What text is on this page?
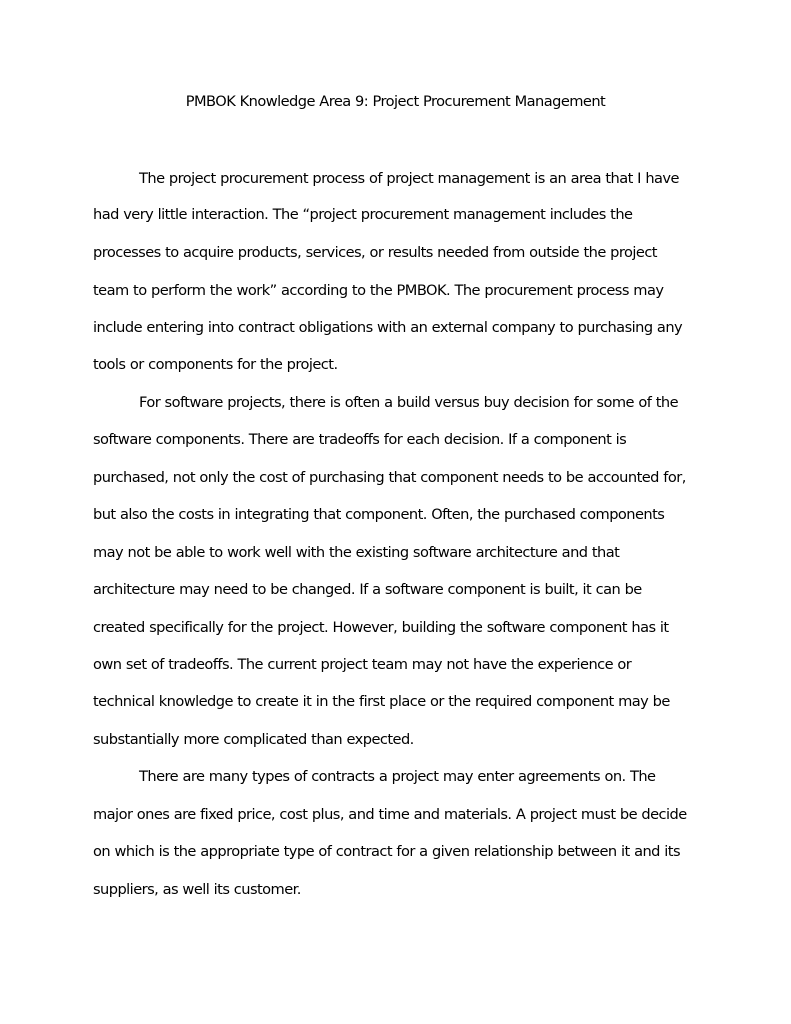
PMBOK Knowledge Area 9: Project Procurement Management
The project procurement process of project management is an area that I have
had very little interaction. The “project procurement management includes the
processes to acquire products, services, or results needed from outside the project
team to perform the work” according to the PMBOK. The procurement process may
include entering into contract obligations with an external company to purchasing any
tools or components for the project.
For software projects, there is often a build versus buy decision for some of the
software components. There are tradeoffs for each decision. If a component is
purchased, not only the cost of purchasing that component needs to be accounted for,
but also the costs in integrating that component. Often, the purchased components
may not be able to work well with the existing software architecture and that
architecture may need to be changed. If a software component is built, it can be
created specifically for the project. However, building the software component has it
own set of tradeoffs. The current project team may not have the experience or
technical knowledge to create it in the first place or the required component may be
substantially more complicated than expected.
There are many types of contracts a project may enter agreements on. The
major ones are fixed price, cost plus, and time and materials. A project must be decide
on which is the appropriate type of contract for a given relationship between it and its
suppliers, as well its customer.
